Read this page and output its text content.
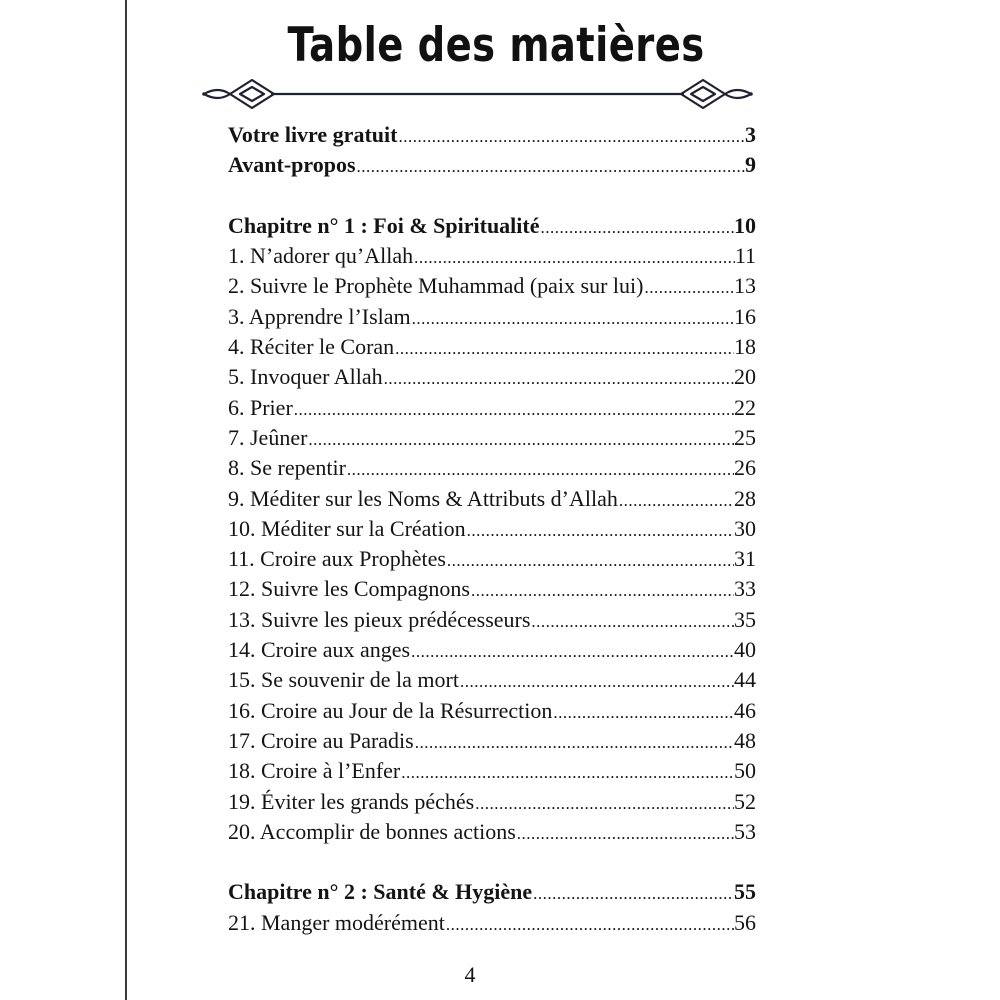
Table des matières
Votre livre gratuit .....	3
Avant-propos .....	9
Chapitre n° 1 : Foi & Spiritualité .....	10
1. N’adorer qu’Allah .....	11
2. Suivre le Prophète Muhammad (paix sur lui) .....	13
3. Apprendre l’Islam .....	16
4. Réciter le Coran .....	18
5. Invoquer Allah .....	20
6. Prier .....	22
7. Jeûner .....	25
8. Se repentir .....	26
9. Méditer sur les Noms & Attributs d’Allah .....	28
10. Méditer sur la Création .....	30
11. Croire aux Prophètes .....	31
12. Suivre les Compagnons .....	33
13. Suivre les pieux prédécesseurs .....	35
14. Croire aux anges .....	40
15. Se souvenir de la mort .....	44
16. Croire au Jour de la Résurrection .....	46
17. Croire au Paradis .....	48
18. Croire à l’Enfer .....	50
19. Éviter les grands péchés .....	52
20. Accomplir de bonnes actions .....	53
Chapitre n° 2 : Santé & Hygiène .....	55
21. Manger modérément .....	56
4
